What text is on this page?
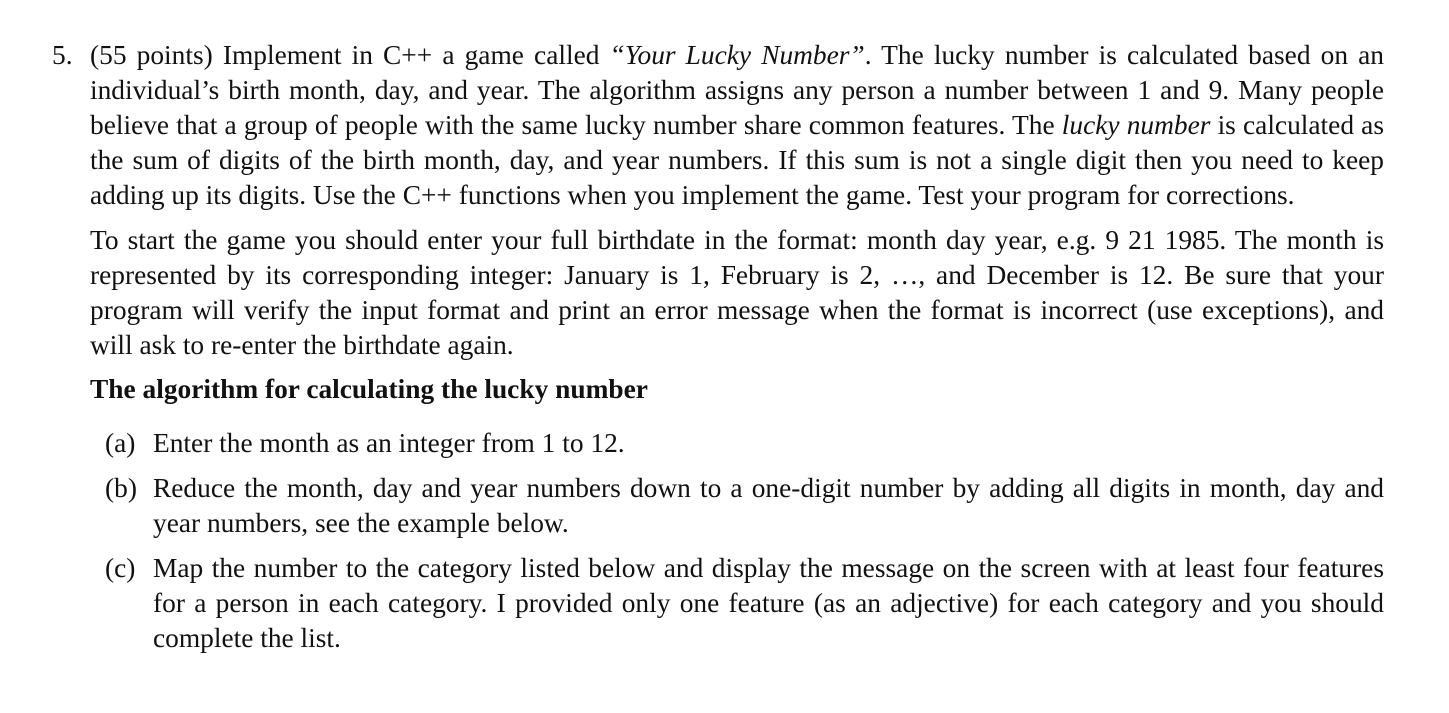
5. (55 points) Implement in C++ a game called “Your Lucky Number”. The lucky number is calculated based on an individual’s birth month, day, and year. The algorithm assigns any person a number between 1 and 9. Many people believe that a group of people with the same lucky number share common features. The lucky number is calculated as the sum of digits of the birth month, day, and year numbers. If this sum is not a single digit then you need to keep adding up its digits. Use the C++ functions when you implement the game. Test your program for corrections.

To start the game you should enter your full birthdate in the format: month day year, e.g. 9 21 1985. The month is represented by its corresponding integer: January is 1, February is 2, …, and December is 12. Be sure that your program will verify the input format and print an error message when the format is incorrect (use exceptions), and will ask to re-enter the birthdate again.

The algorithm for calculating the lucky number
(a) Enter the month as an integer from 1 to 12.
(b) Reduce the month, day and year numbers down to a one-digit number by adding all digits in month, day and year numbers, see the example below.
(c) Map the number to the category listed below and display the message on the screen with at least four features for a person in each category. I provided only one feature (as an adjective) for each category and you should complete the list.
